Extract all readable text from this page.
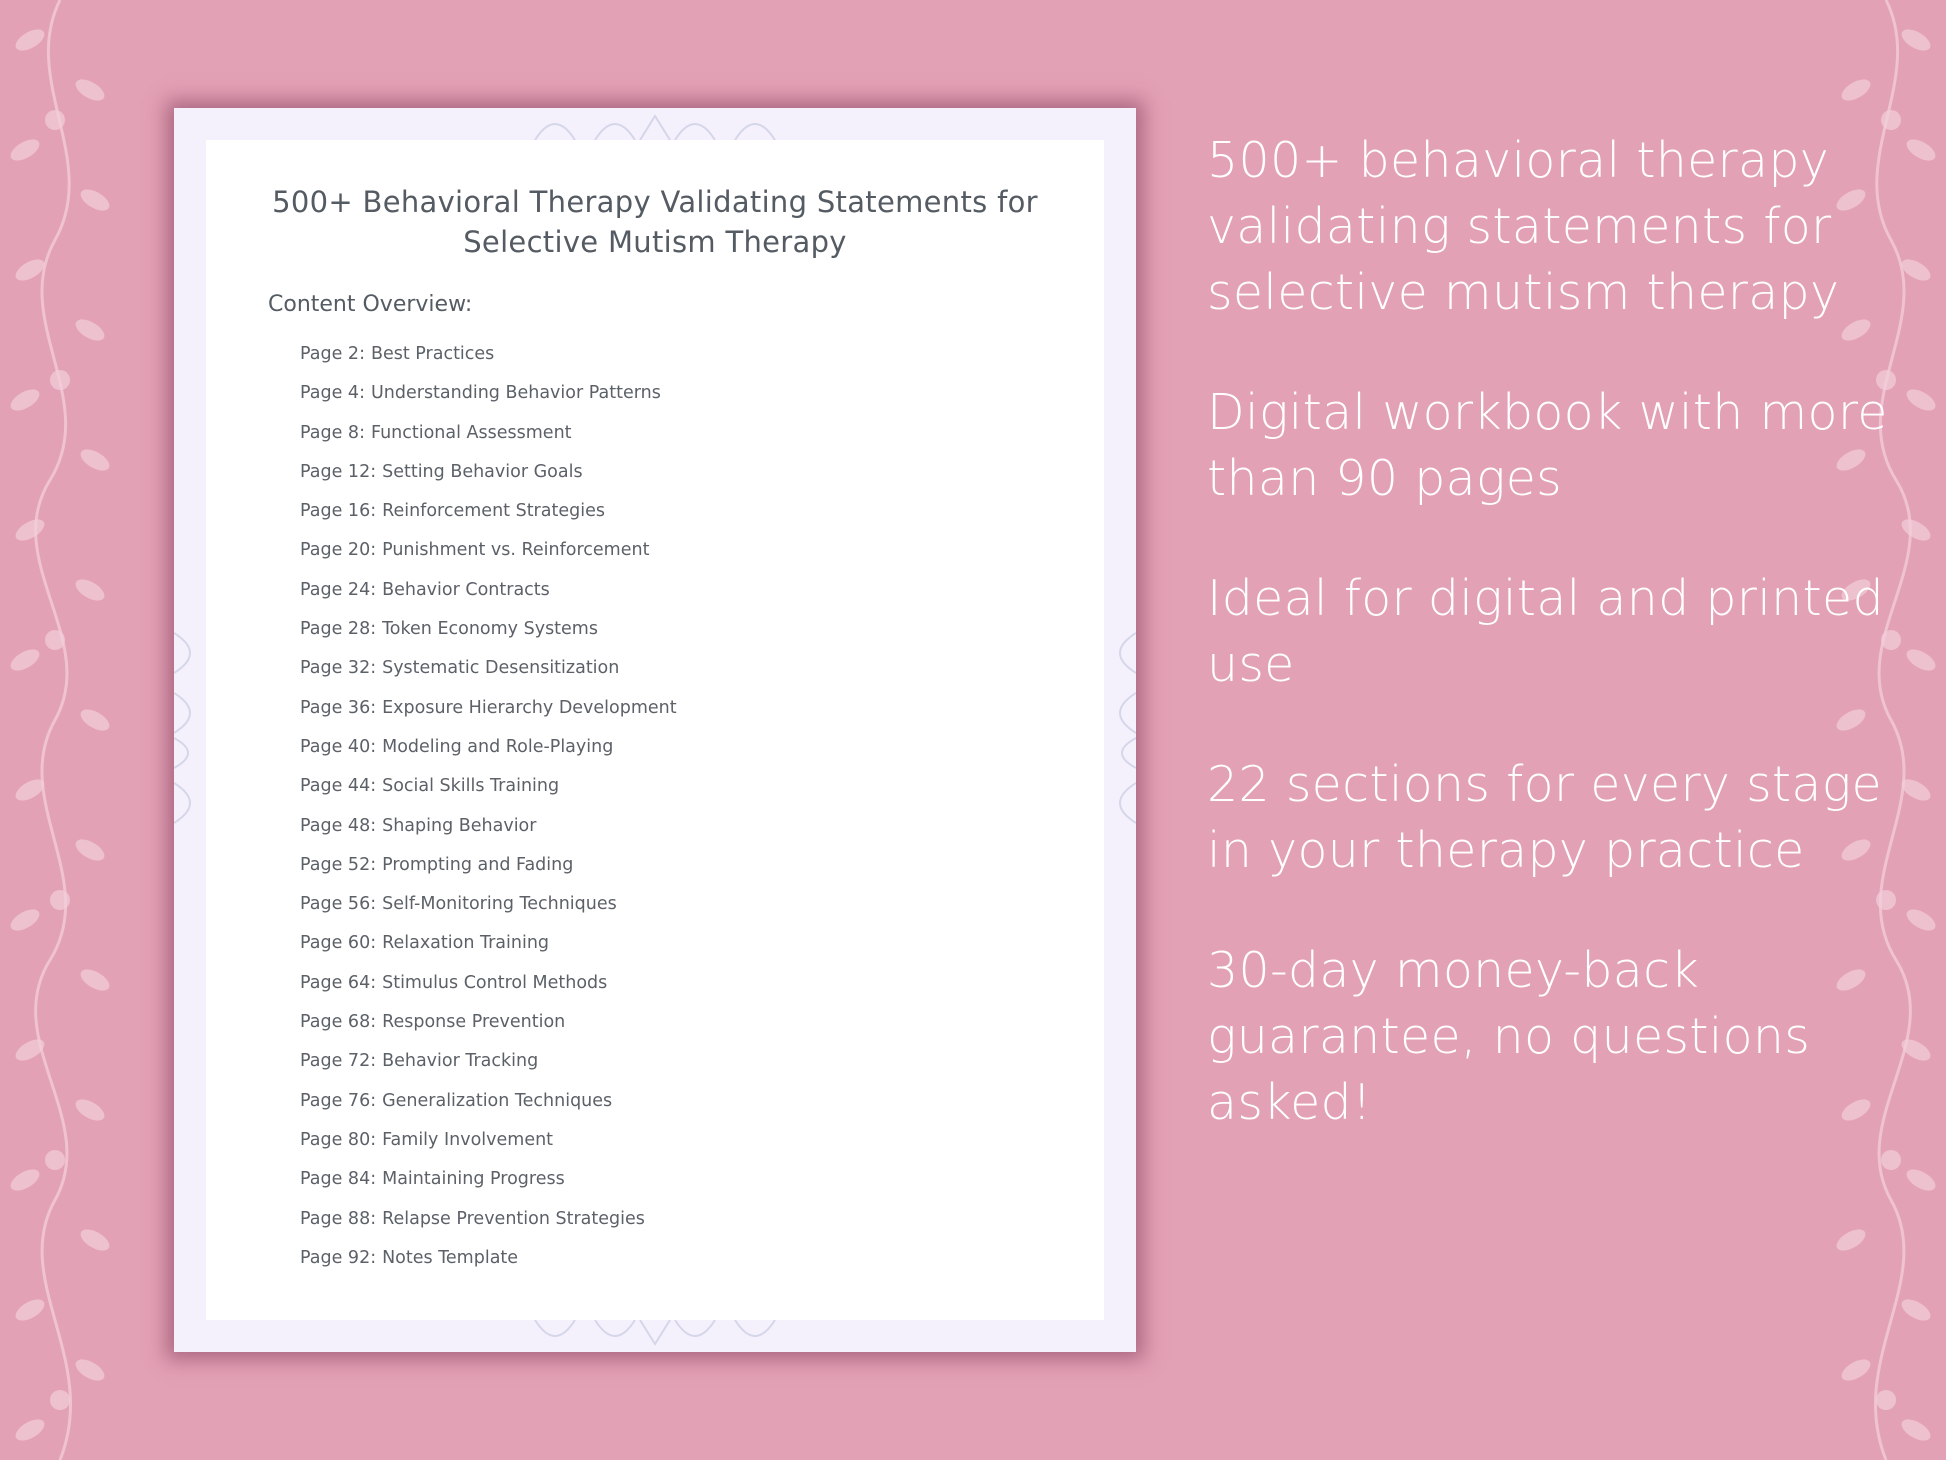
500+ Behavioral Therapy Validating Statements for Selective Mutism Therapy
Content Overview:
Page 2: Best Practices
Page 4: Understanding Behavior Patterns
Page 8: Functional Assessment
Page 12: Setting Behavior Goals
Page 16: Reinforcement Strategies
Page 20: Punishment vs. Reinforcement
Page 24: Behavior Contracts
Page 28: Token Economy Systems
Page 32: Systematic Desensitization
Page 36: Exposure Hierarchy Development
Page 40: Modeling and Role-Playing
Page 44: Social Skills Training
Page 48: Shaping Behavior
Page 52: Prompting and Fading
Page 56: Self-Monitoring Techniques
Page 60: Relaxation Training
Page 64: Stimulus Control Methods
Page 68: Response Prevention
Page 72: Behavior Tracking
Page 76: Generalization Techniques
Page 80: Family Involvement
Page 84: Maintaining Progress
Page 88: Relapse Prevention Strategies
Page 92: Notes Template

500+ behavioral therapy validating statements for selective mutism therapy

Digital workbook with more than 90 pages

Ideal for digital and printed use

22 sections for every stage in your therapy practice

30-day money-back guarantee, no questions asked!
